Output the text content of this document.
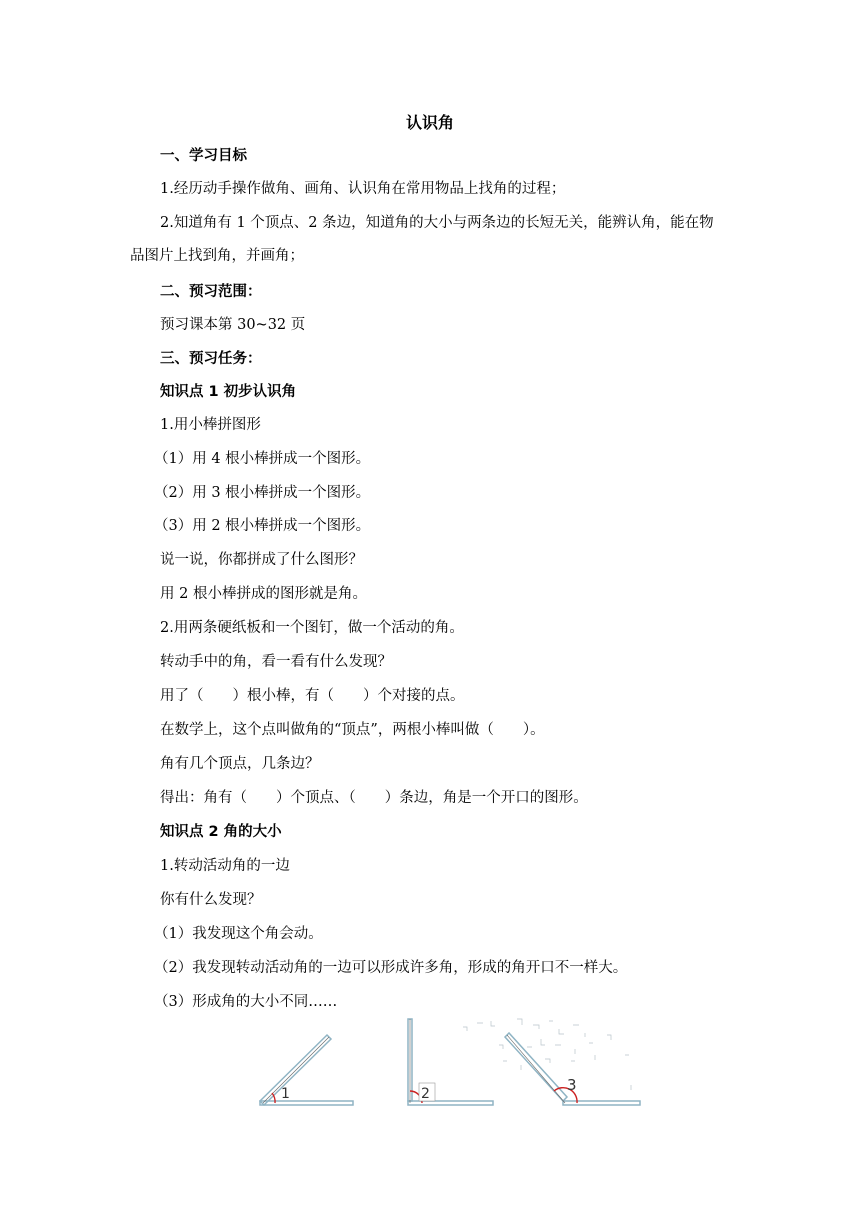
认识角
一、学习目标
1.经历动手操作做角、画角、认识角在常用物品上找角的过程；
2.知道角有 1 个顶点、2 条边，知道角的大小与两条边的长短无关，能辨认角，能在物
品图片上找到角，并画角；
二、预习范围：
预习课本第 30~32 页
三、预习任务：
知识点 1 初步认识角
1.用小棒拼图形
（1）用 4 根小棒拼成一个图形。
（2）用 3 根小棒拼成一个图形。
（3）用 2 根小棒拼成一个图形。
说一说，你都拼成了什么图形？
用 2 根小棒拼成的图形就是角。
2.用两条硬纸板和一个图钉，做一个活动的角。
转动手中的角，看一看有什么发现？
用了（　　）根小棒，有（　　）个对接的点。
在数学上，这个点叫做角的“顶点”，两根小棒叫做（　　）。
角有几个顶点，几条边？
得出：角有（　　）个顶点、（　　）条边，角是一个开口的图形。
知识点 2 角的大小
1.转动活动角的一边
你有什么发现？
（1）我发现这个角会动。
（2）我发现转动活动角的一边可以形成许多角，形成的角开口不一样大。
（3）形成角的大小不同……
1	2	3
